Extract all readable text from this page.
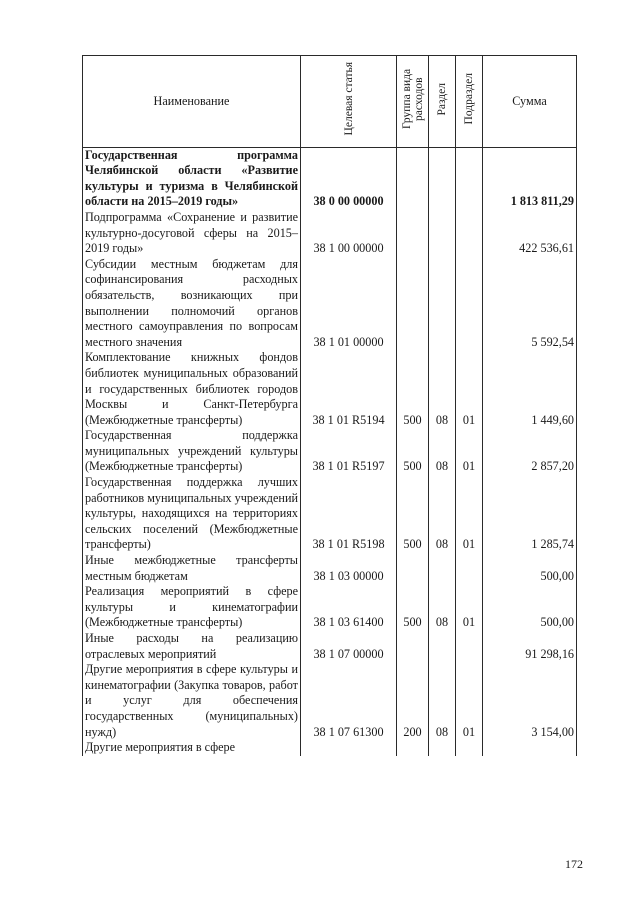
Наименование	Целевая статья	Группа вида расходов	Раздел	Подраздел	Сумма
Государственная программа Челябинской области «Развитие культуры и туризма в Челябинской области на 2015–2019 годы»	38 0 00 00000				1 813 811,29
Подпрограмма «Сохранение и развитие культурно-досуговой сферы на 2015–2019 годы»	38 1 00 00000				422 536,61
Субсидии местным бюджетам для софинансирования расходных обязательств, возникающих при выполнении полномочий органов местного самоуправления по вопросам местного значения	38 1 01 00000				5 592,54
Комплектование книжных фондов библиотек муниципальных образований и государственных библиотек городов Москвы и Санкт-Петербурга (Межбюджетные трансферты)	38 1 01 R5194	500	08	01	1 449,60
Государственная поддержка муниципальных учреждений культуры (Межбюджетные трансферты)	38 1 01 R5197	500	08	01	2 857,20
Государственная поддержка лучших работников муниципальных учреждений культуры, находящихся на территориях сельских поселений (Межбюджетные трансферты)	38 1 01 R5198	500	08	01	1 285,74
Иные межбюджетные трансферты местным бюджетам	38 1 03 00000				500,00
Реализация мероприятий в сфере культуры и кинематографии (Межбюджетные трансферты)	38 1 03 61400	500	08	01	500,00
Иные расходы на реализацию отраслевых мероприятий	38 1 07 00000				91 298,16
Другие мероприятия в сфере культуры и кинематографии (Закупка товаров, работ и услуг для обеспечения государственных (муниципальных) нужд)	38 1 07 61300	200	08	01	3 154,00
Другие мероприятия в сфере					
172
